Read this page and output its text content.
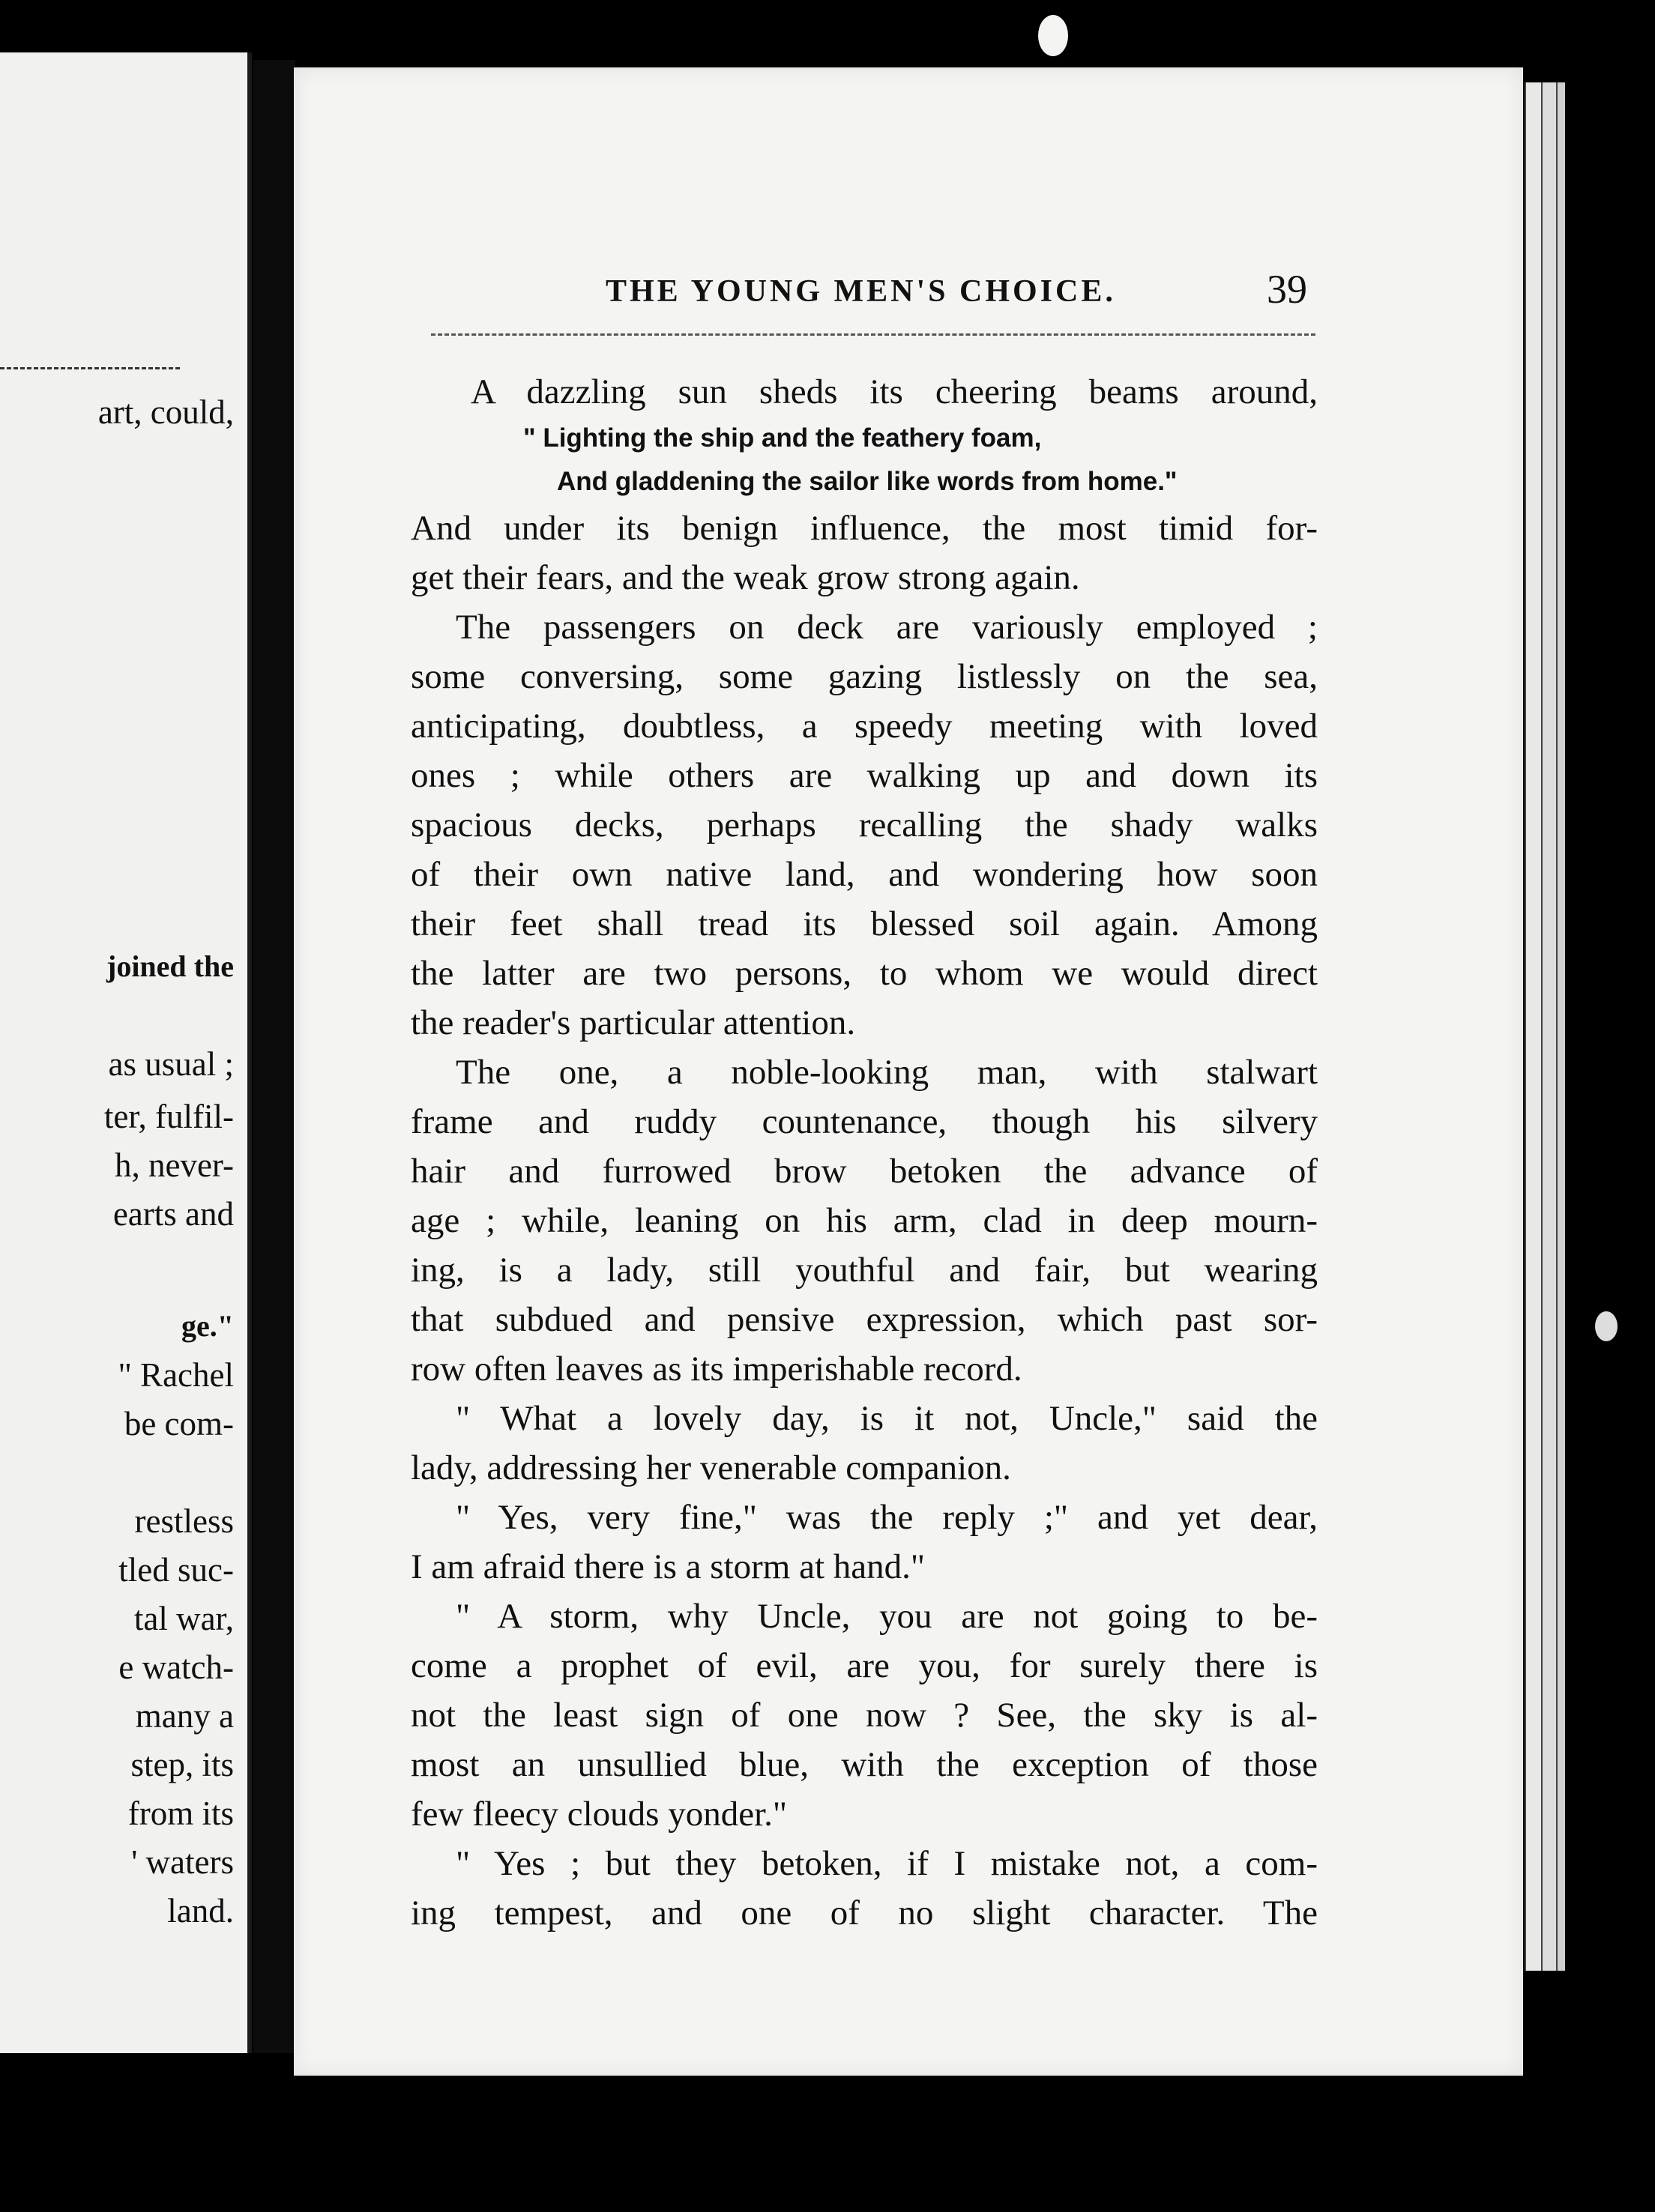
art, could,
joined the
as usual ;
ter, fulfil-
h, never-
earts and
ge."
" Rachel
be com-
restless
tled suc-
tal war,
e watch-
many a
step, its
from its
' waters
land.
THE YOUNG MEN'S CHOICE.	39
A dazzling sun sheds its cheering beams around,
" Lighting the ship and the feathery foam,
And gladdening the sailor like words from home."
And under its benign influence, the most timid for-
get their fears, and the weak grow strong again.
The passengers on deck are variously employed ;
some conversing, some gazing listlessly on the sea,
anticipating, doubtless, a speedy meeting with loved
ones ; while others are walking up and down its
spacious decks, perhaps recalling the shady walks
of their own native land, and wondering how soon
their feet shall tread its blessed soil again. Among
the latter are two persons, to whom we would direct
the reader's particular attention.
The one, a noble-looking man, with stalwart
frame and ruddy countenance, though his silvery
hair and furrowed brow betoken the advance of
age ; while, leaning on his arm, clad in deep mourn-
ing, is a lady, still youthful and fair, but wearing
that subdued and pensive expression, which past sor-
row often leaves as its imperishable record.
" What a lovely day, is it not, Uncle," said the
lady, addressing her venerable companion.
" Yes, very fine," was the reply ;" and yet dear,
I am afraid there is a storm at hand."
" A storm, why Uncle, you are not going to be-
come a prophet of evil, are you, for surely there is
not the least sign of one now ? See, the sky is al-
most an unsullied blue, with the exception of those
few fleecy clouds yonder."
" Yes ; but they betoken, if I mistake not, a com-
ing tempest, and one of no slight character. The
